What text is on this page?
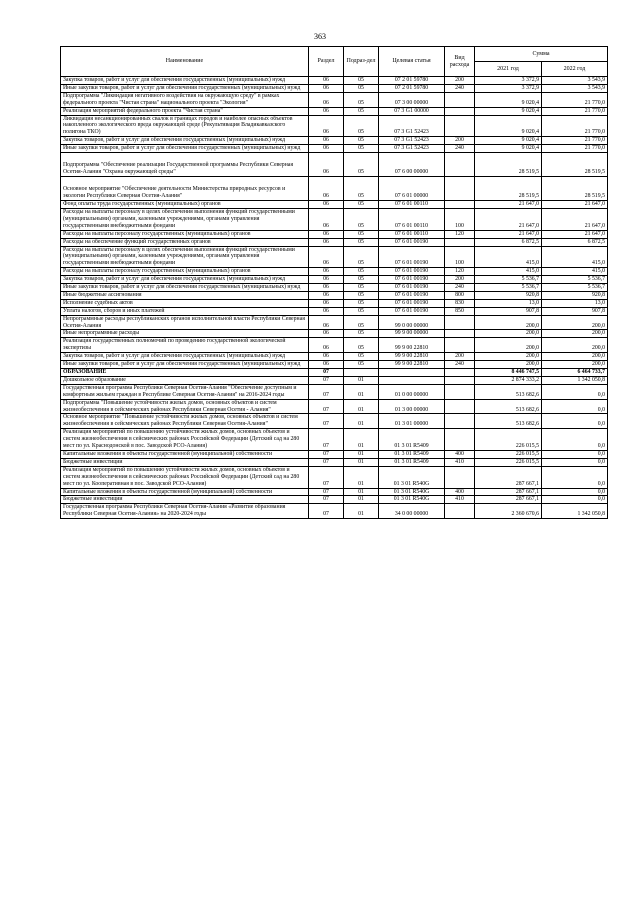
363
Наименование	Раздел	Подраз-дел	Целевая статья	Вид расхода	Сумма	
					2021 год	2022 год
Закупка товаров, работ и услуг для обеспечения государственных (муниципальных) нужд	06	05	07 2 01 59780	200	3 372,9	3 543,9
Иные закупки товаров, работ и услуг для обеспечения государственных (муниципальных) нужд	06	05	07 2 01 59780	240	3 372,9	3 543,9
Подпрограмма "Ликвидация негативного воздействия на окружающую среду" в рамках федерального проекта "Чистая страна" национального проекта "Экология"	06	05	07 3 00 00000		9 020,4	21 770,0
Реализация мероприятий федерального проекта "Чистая страна"	06	05	07 3 G1 00000		9 020,4	21 770,0
Ликвидация несанкционированных свалок в границах городов и наиболее опасных объектов накопленного экологического вреда окружающей среде (Рекультивация Владикавказского полигона ТКО)	06	05	07 3 G1 52423		9 020,4	21 770,0
Закупка товаров, работ и услуг для обеспечения государственных (муниципальных) нужд	06	05	07 3 G1 52423	200	9 020,4	21 770,0
Иные закупки товаров, работ и услуг для обеспечения государственных (муниципальных) нужд	06	05	07 3 G1 52423	240	9 020,4	21 770,0
Подпрограмма "Обеспечение реализации Государственной программы Республики Северная Осетия-Алания "Охрана окружающей среды"	06	05	07 6 00 00000		28 519,5	28 519,5
Основное мероприятие "Обеспечение деятельности Министерства природных ресурсов и экологии Республики Северная Осетия-Алания"	06	05	07 6 01 00000		28 519,5	28 519,5
Фонд оплаты труда государственных (муниципальных) органов	06	05	07 6 01 00110		21 647,0	21 647,0
Расходы на выплаты персоналу в целях обеспечения выполнения функций государственными (муниципальными) органами, казенными учреждениями, органами управления государственными внебюджетными фондами	06	05	07 6 01 00110	100	21 647,0	21 647,0
Расходы на выплаты персоналу государственных (муниципальных) органов	06	05	07 6 01 00110	120	21 647,0	21 647,0
Расходы на обеспечение функций государственных органов	06	05	07 6 01 00190		6 872,5	6 872,5
Расходы на выплаты персоналу в целях обеспечения выполнения функций государственными (муниципальными) органами, казенными учреждениями, органами управления государственными внебюджетными фондами	06	05	07 6 01 00190	100	415,0	415,0
Расходы на выплаты персоналу государственных (муниципальных) органов	06	05	07 6 01 00190	120	415,0	415,0
Закупка товаров, работ и услуг для обеспечения государственных (муниципальных) нужд	06	05	07 6 01 00190	200	5 536,7	5 536,7
Иные закупки товаров, работ и услуг для обеспечения государственных (муниципальных) нужд	06	05	07 6 01 00190	240	5 536,7	5 536,7
Иные бюджетные ассигнования	06	05	07 6 01 00190	800	920,8	920,8
Исполнение судебных актов	06	05	07 6 01 00190	830	13,0	13,0
Уплата налогов, сборов и иных платежей	06	05	07 6 01 00190	850	907,8	907,8
Непрограммные расходы республиканских органов исполнительной власти Республики Северная Осетия-Алания	06	05	99 0 00 00000		200,0	200,0
Иные непрограммные расходы	06	05	99 9 00 00000		200,0	200,0
Реализация государственных полномочий по проведению государственной экологической экспертизы	06	05	99 9 00 22810		200,0	200,0
Закупка товаров, работ и услуг для обеспечения государственных (муниципальных) нужд	06	05	99 9 00 22810	200	200,0	200,0
Иные закупки товаров, работ и услуг для обеспечения государственных (муниципальных) нужд	06	05	99 9 00 22810	240	200,0	200,0
ОБРАЗОВАНИЕ	07				8 446 747,5	6 464 733,7
Дошкольное образование	07	01			2 874 333,2	1 342 050,8
Государственная программа Республики Северная Осетия-Алания "Обеспечение доступным и комфортным жильем граждан в Республике Северная Осетия-Алания" на 2016-2024 годы	07	01	01 0 00 00000		513 682,6	0,0
Подпрограмма "Повышение устойчивости жилых домов, основных объектов и систем жизнеобеспечения в сейсмических районах Республики Северная Осетия - Алания"	07	01	01 3 00 00000		513 682,6	0,0
Основное мероприятие "Повышение устойчивости жилых домов, основных объектов и систем жизнеобеспечения в сейсмических районах Республики Северная Осетия-Алания"	07	01	01 3 01 00000		513 682,6	0,0
Реализация мероприятий по повышению устойчивости жилых домов, основных объектов и систем жизнеобеспечения в сейсмических районах Российской Федерации (Детский сад на 280 мест по ул. Краснодонской в пос. Заводской РСО-Алания)	07	01	01 3 01 R5409		226 015,5	0,0
Капитальные вложения в объекты государственной (муниципальной) собственности	07	01	01 3 01 R5409	400	226 015,5	0,0
Бюджетные инвестиции	07	01	01 3 01 R5409	410	226 015,5	0,0
Реализация мероприятий по повышению устойчивости жилых домов, основных объектов и систем жизнеобеспечения в сейсмических районах Российской Федерации (Детский сад на 280 мест по ул. Кооперативная в пос. Заводской РСО-Алания)	07	01	01 3 01 R540G		287 667,1	0,0
Капитальные вложения в объекты государственной (муниципальной) собственности	07	01	01 3 01 R540G	400	287 667,1	0,0
Бюджетные инвестиции	07	01	01 3 01 R540G	410	287 667,1	0,0
Государственная программа Республики Северная Осетия-Алания «Развитие образования Республики Северная Осетия-Алания» на 2020-2024 годы	07	01	34 0 00 00000		2 360 670,6	1 342 050,8
